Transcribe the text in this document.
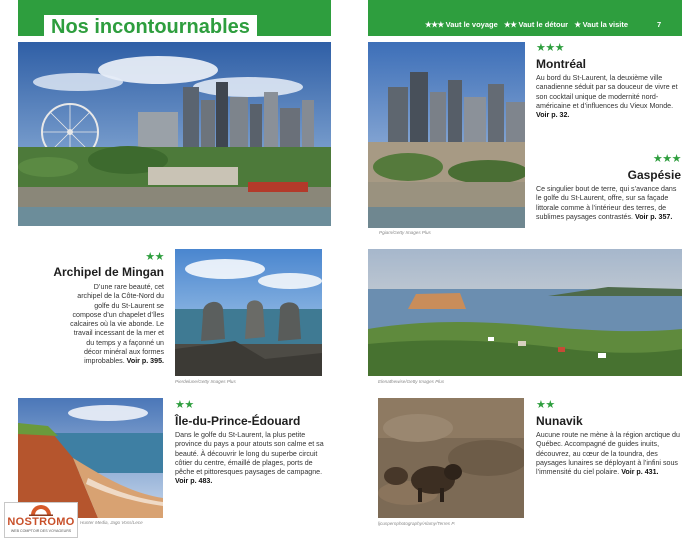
Nos incontournables	★★★ Vaut le voyage ★★ Vaut le détour ★ Vaut la visite	7
Pgiam/Getty Images Plus
★★★
Montréal
Au bord du St-Laurent, la deuxième ville canadienne séduit par sa douceur de vivre et son cocktail unique de modernité nord-américaine et d’influences du Vieux Monde. Voir p. 32.
★★★
Gaspésie
Ce singulier bout de terre, qui s’avance dans le golfe du St-Laurent, offre, sur sa façade littorale comme à l’intérieur des terres, de sublimes paysages contrastés. Voir p. 357.
★★
Archipel de Mingan
D’une rare beauté, cet archipel de la Côte-Nord du golfe du St-Laurent se compose d’un chapelet d’îles calcaires où la vie abonde. Le travail incessant de la mer et du temps y a façonné un décor minéral aux formes improbables. Voir p. 395.
Pierdelune/Getty Images Plus	Elenathewise/Getty Images Plus
Hunter Media, Jago Voss/Lece
★★
Île-du-Prince-Édouard
Dans le golfe du St-Laurent, la plus petite province du pays a pour atouts son calme et sa beauté. À découvrir le long du superbe circuit côtier du centre, émaillé de plages, ports de pêche et pittoresques paysages de campagne. Voir p. 483.
ljcuspernphotography/Alamy/Terres P.
★★
Nunavik
Aucune route ne mène à la région arctique du Québec. Accompagné de guides inuits, découvrez, au cœur de la toundra, des paysages lunaires se déployant à l’infini sous l’immensité du ciel polaire. Voir p. 431.
NOSTROMO
WEB COMPTOIR DES VOYAGEURS
